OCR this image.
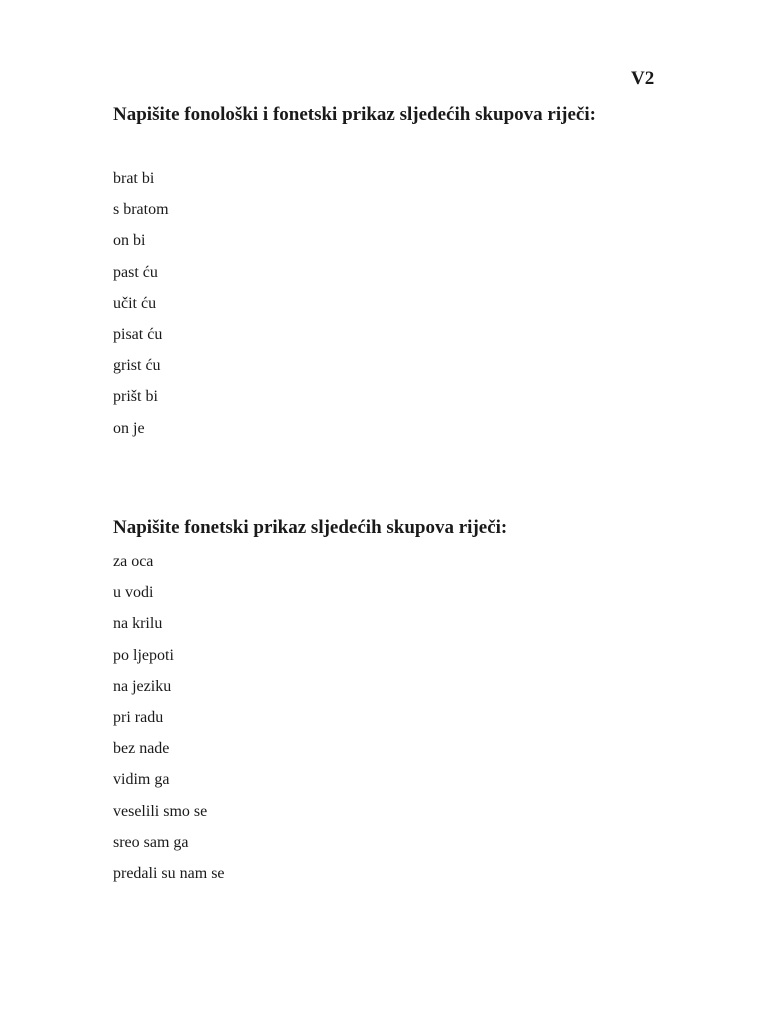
V2
Napišite fonološki i fonetski prikaz sljedećih skupova riječi:
brat bi
s bratom
on bi
past ću
učit ću
pisat ću
grist ću
prišt bi
on je
Napišite fonetski prikaz sljedećih skupova riječi:
za oca
u vodi
na krilu
po ljepoti
na jeziku
pri radu
bez nade
vidim ga
veselili smo se
sreo sam ga
predali su nam se
